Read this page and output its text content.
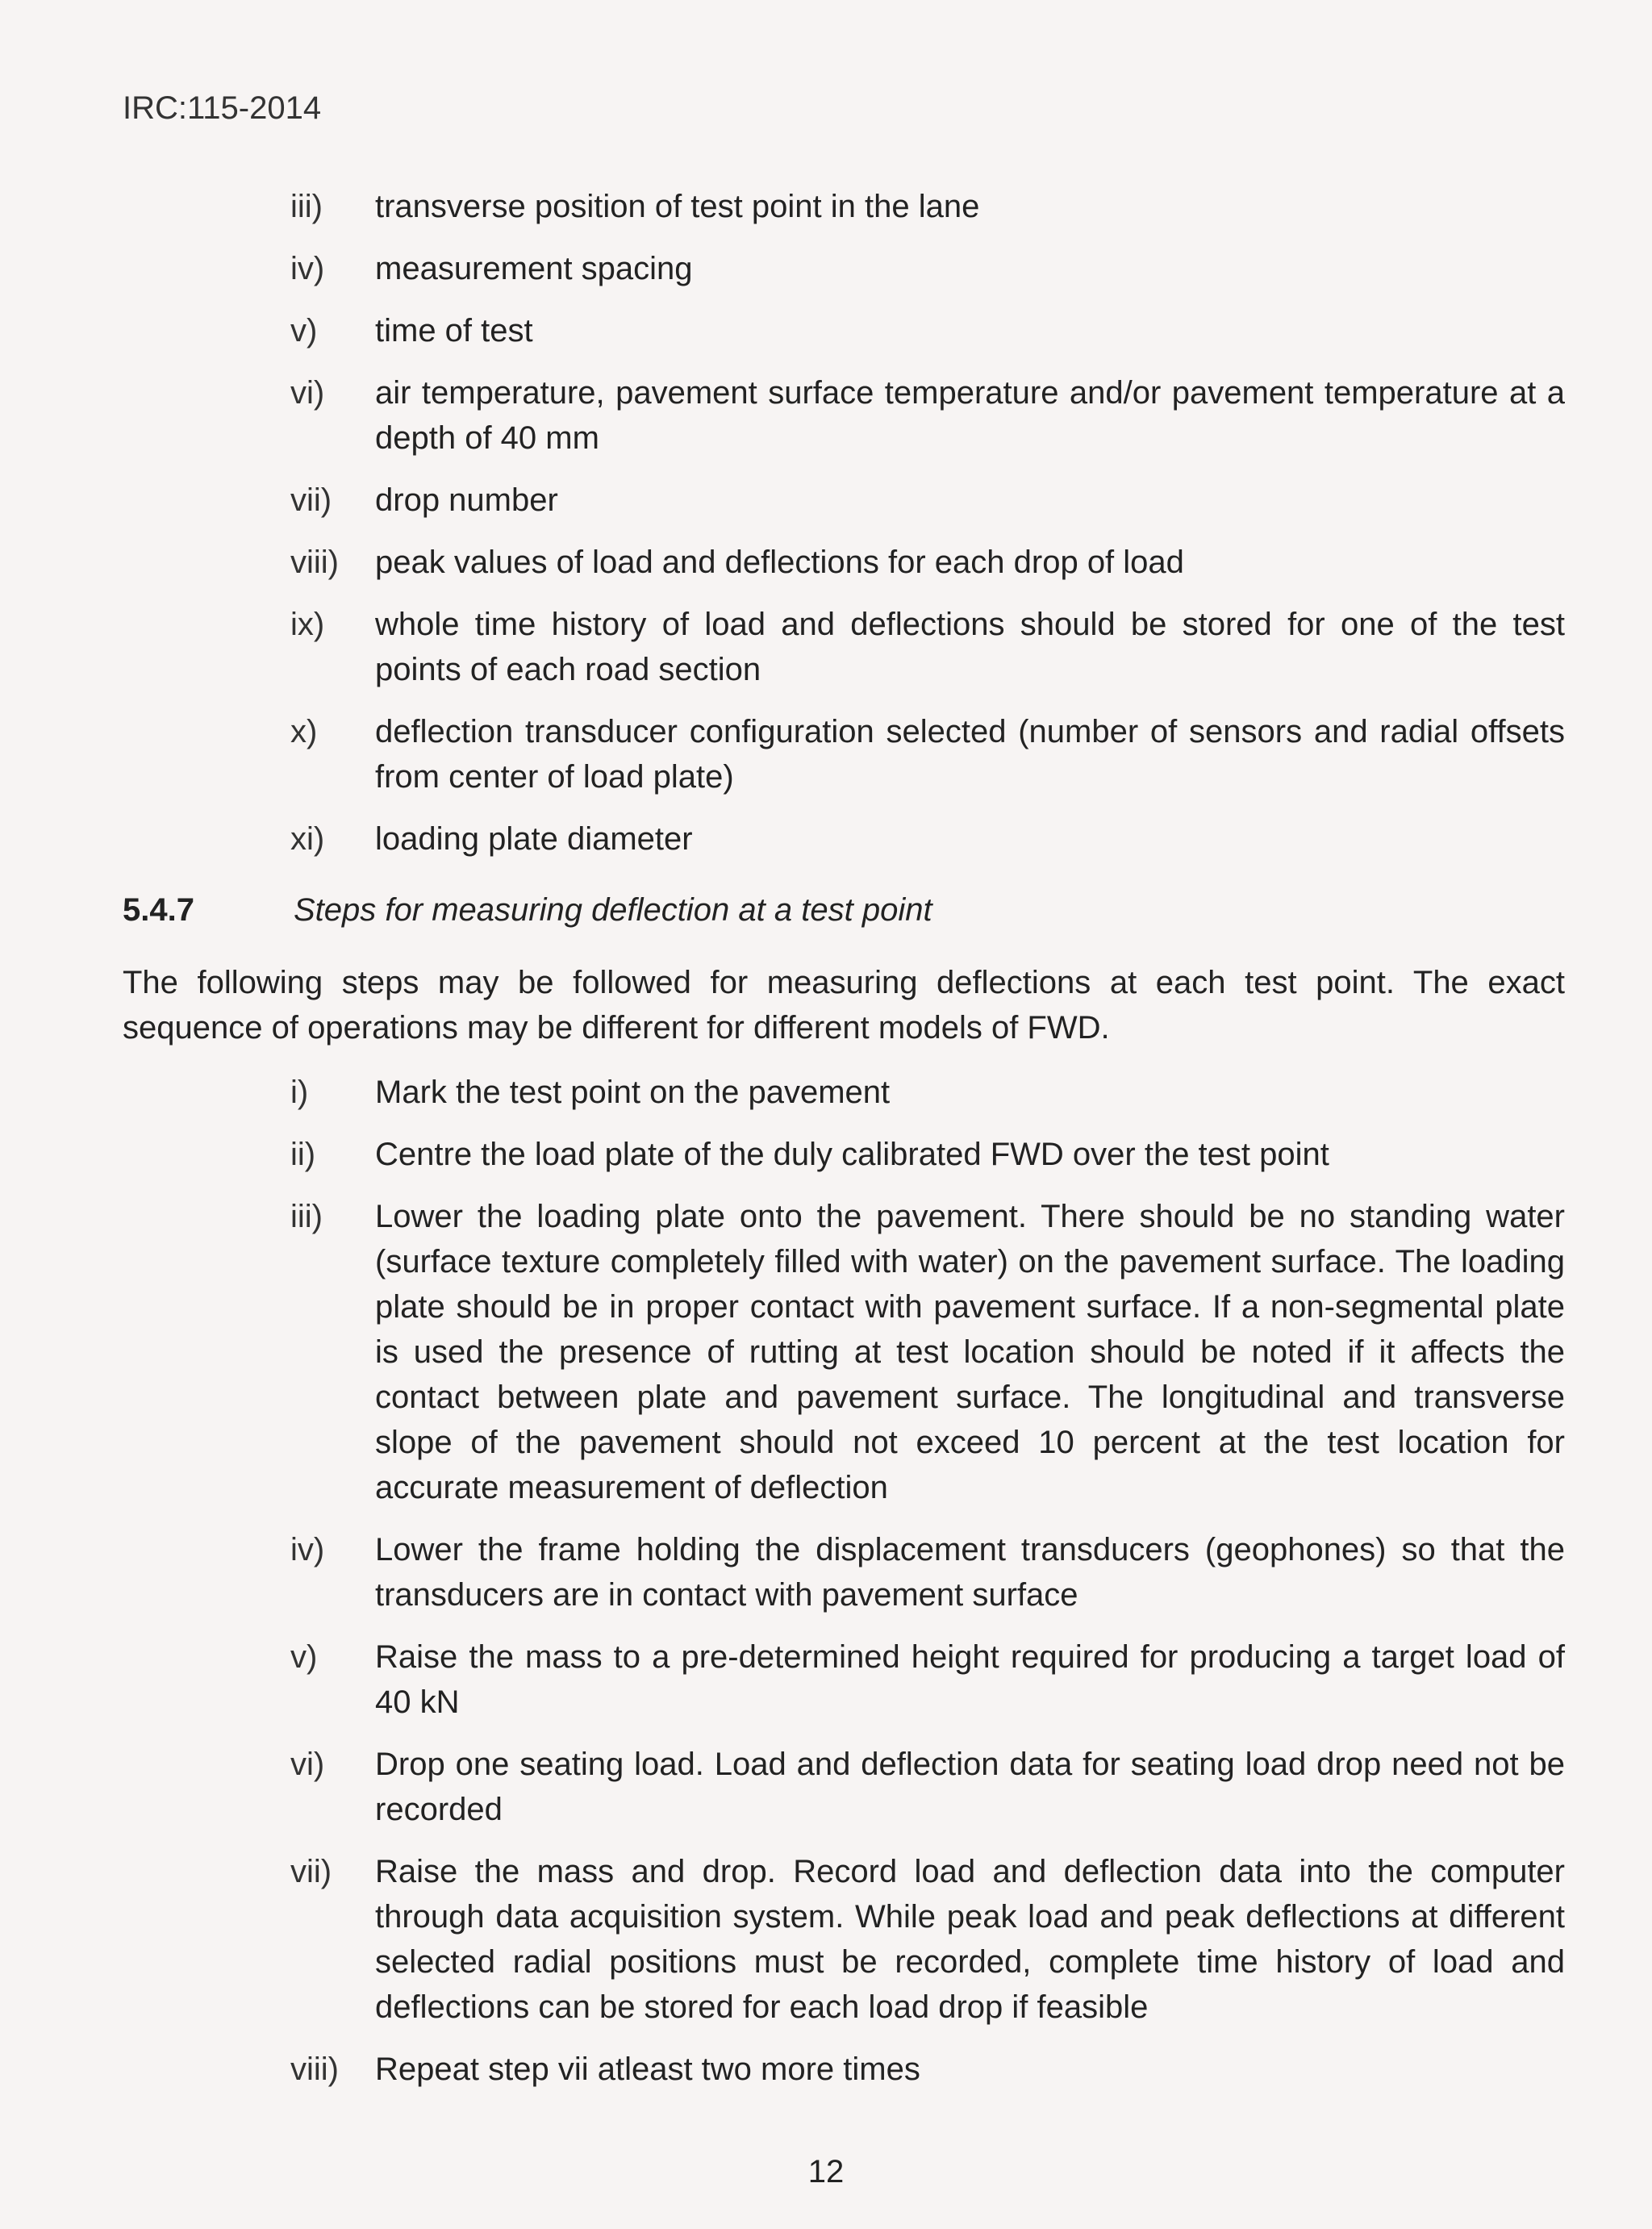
IRC:115-2014
iii)	transverse position of test point in the lane
iv)	measurement spacing
v)	time of test
vi)	air temperature, pavement surface temperature and/or pavement temperature at a depth of 40 mm
vii)	drop number
viii)	peak values of load and deflections for each drop of load
ix)	whole time history of load and deflections should be stored for one of the test points of each road section
x)	deflection transducer configuration selected (number of sensors and radial offsets from center of load plate)
xi)	loading plate diameter
5.4.7	Steps for measuring deflection at a test point
The following steps may be followed for measuring deflections at each test point. The exact sequence of operations may be different for different models of FWD.
i)	Mark the test point on the pavement
ii)	Centre the load plate of the duly calibrated FWD over the test point
iii)	Lower the loading plate onto the pavement. There should be no standing water (surface texture completely filled with water) on the pavement surface. The loading plate should be in proper contact with pavement surface. If a non-segmental plate is used the presence of rutting at test location should be noted if it affects the contact between plate and pavement surface. The longitudinal and transverse slope of the pavement should not exceed 10 percent at the test location for accurate measurement of deflection
iv)	Lower the frame holding the displacement transducers (geophones) so that the transducers are in contact with pavement surface
v)	Raise the mass to a pre-determined height required for producing a target load of 40 kN
vi)	Drop one seating load. Load and deflection data for seating load drop need not be recorded
vii)	Raise the mass and drop. Record load and deflection data into the computer through data acquisition system. While peak load and peak deflections at different selected radial positions must be recorded, complete time history of load and deflections can be stored for each load drop if feasible
viii)	Repeat step vii atleast two more times
12
